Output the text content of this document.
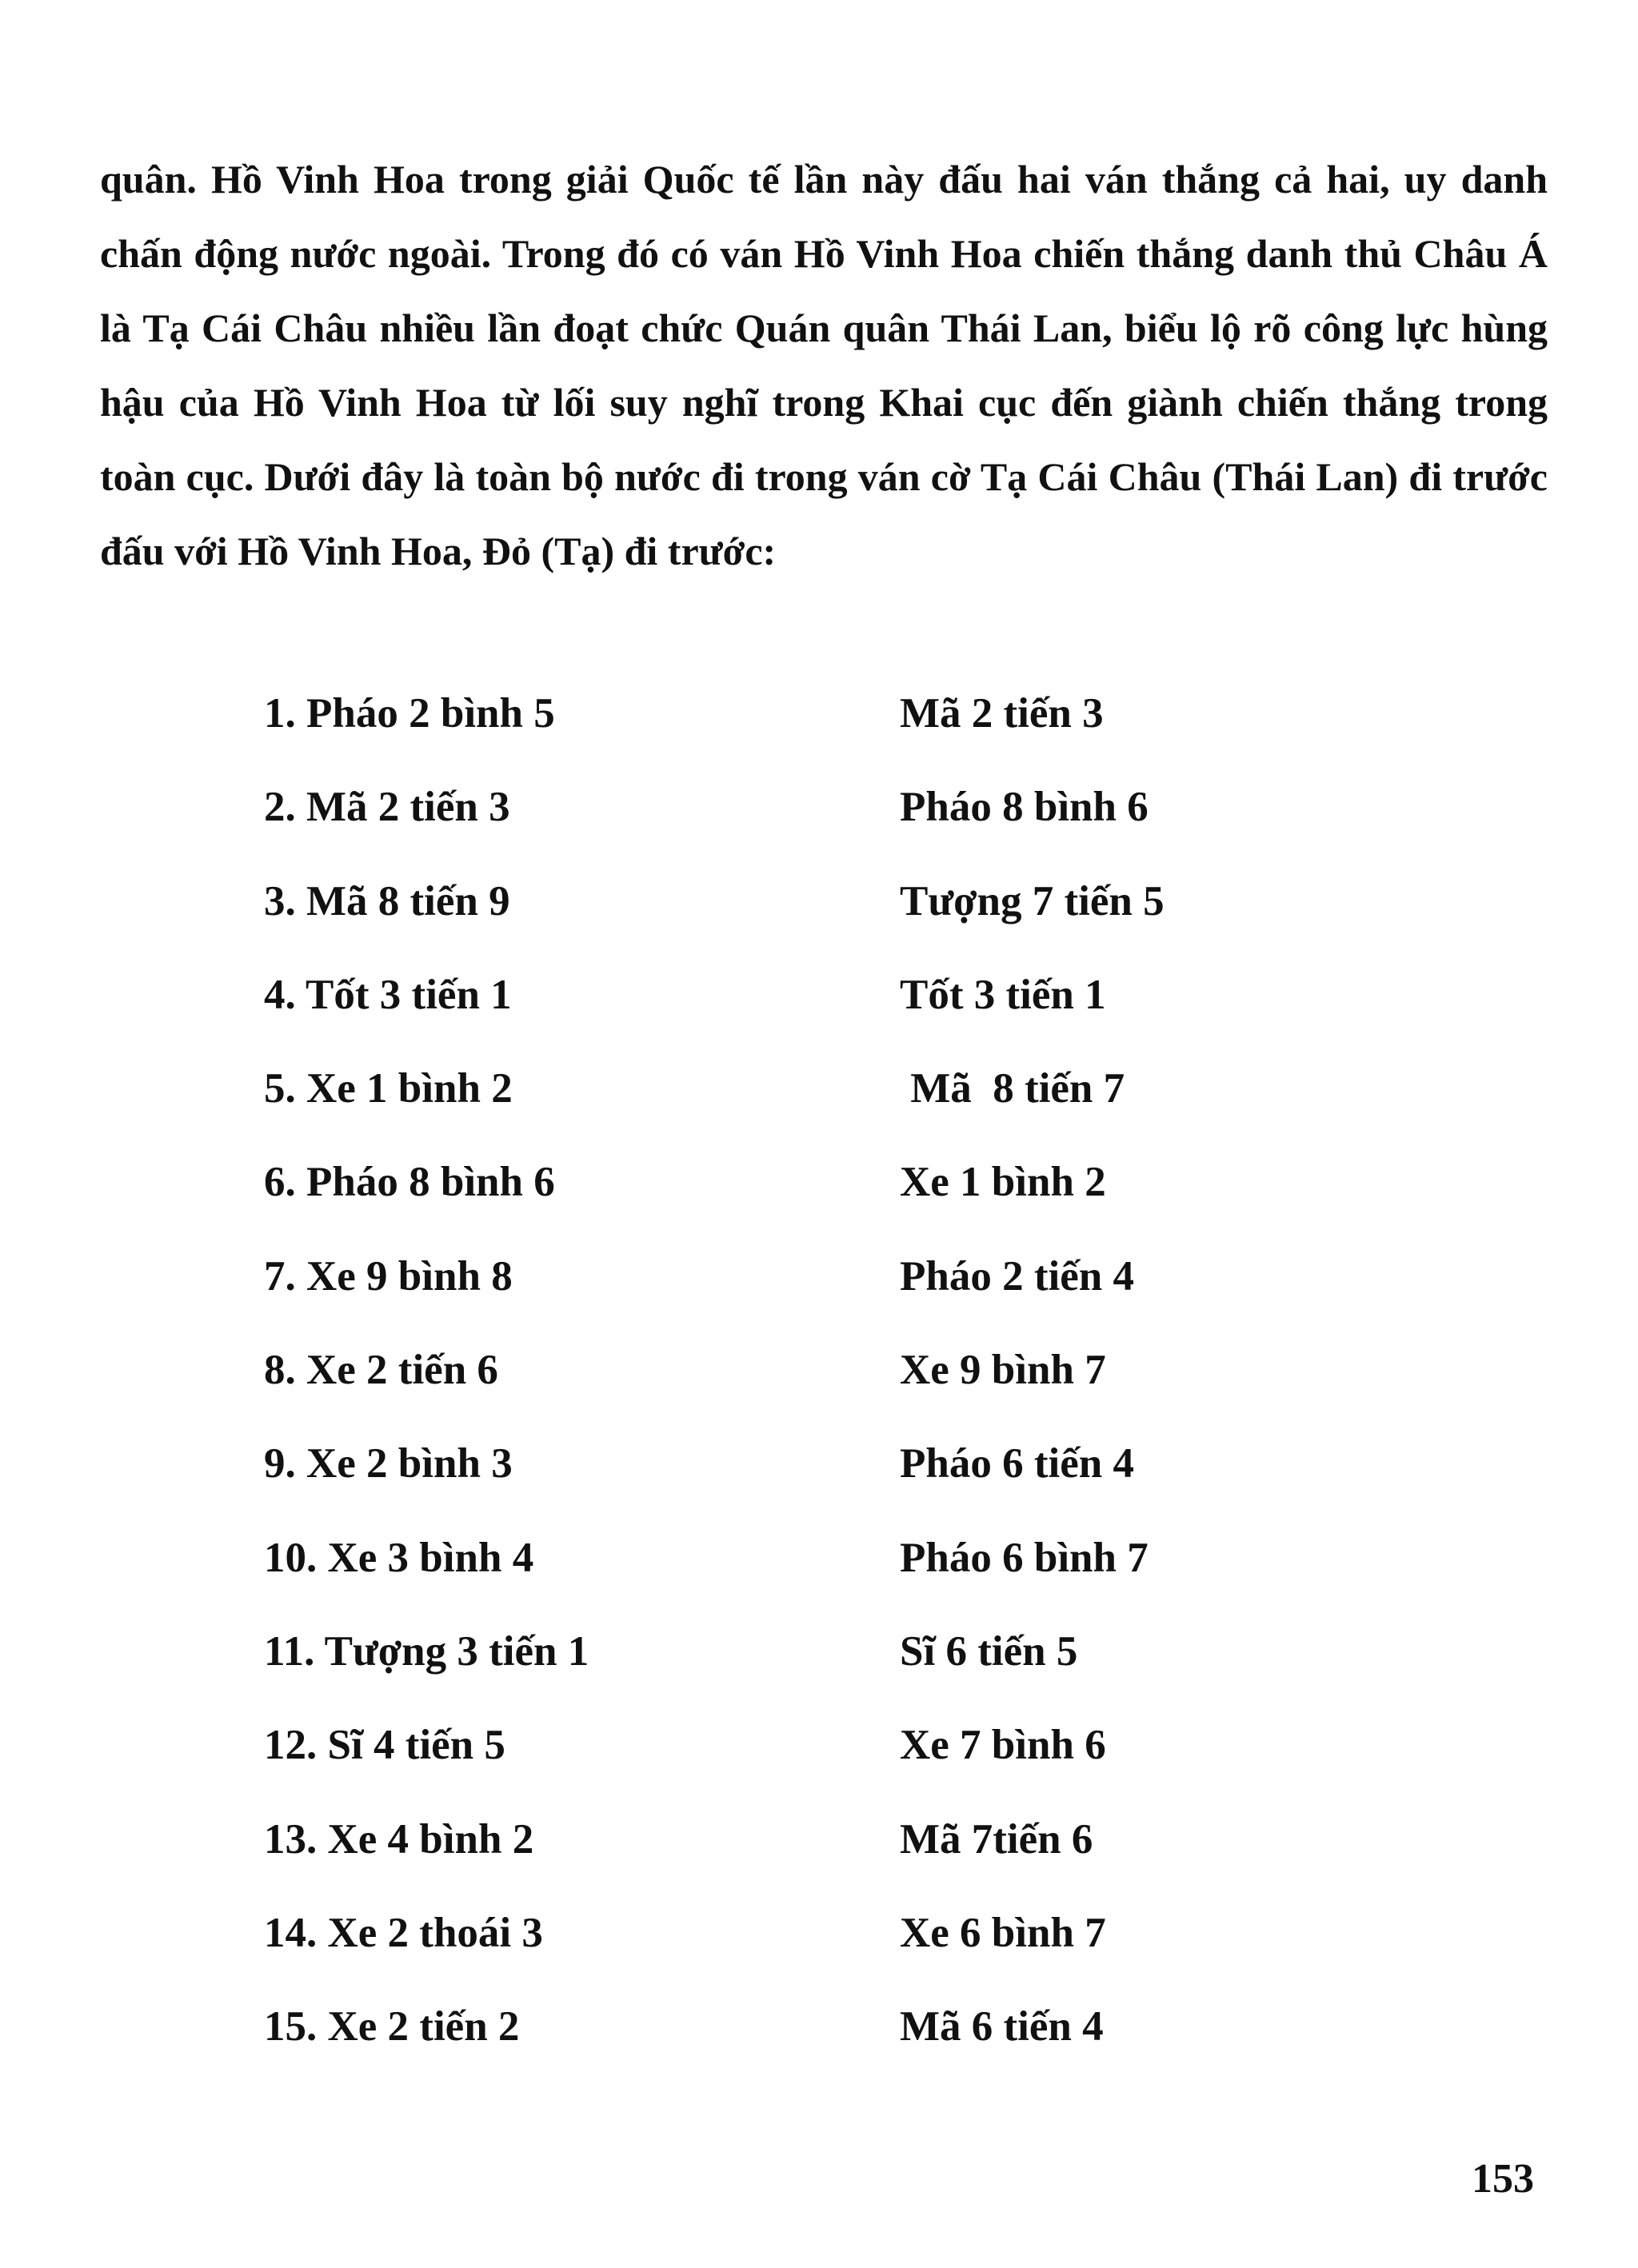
quân. Hồ Vinh Hoa trong giải Quốc tế lần này đấu hai ván thắng cả hai, uy danh chấn động nước ngoài. Trong đó có ván Hồ Vinh Hoa chiến thắng danh thủ Châu Á là Tạ Cái Châu nhiều lần đoạt chức Quán quân Thái Lan, biểu lộ rõ công lực hùng hậu của Hồ Vinh Hoa từ lối suy nghĩ trong Khai cục đến giành chiến thắng trong toàn cục. Dưới đây là toàn bộ nước đi trong ván cờ Tạ Cái Châu (Thái Lan) đi trước đấu với Hồ Vinh Hoa, Đỏ (Tạ) đi trước:

1. Pháo 2 bình 5	Mã 2 tiến 3
2. Mã 2 tiến 3	Pháo 8 bình 6
3. Mã 8 tiến 9	Tượng 7 tiến 5
4. Tốt 3 tiến 1	Tốt 3 tiến 1
5. Xe 1 bình 2	Mã  8 tiến 7
6. Pháo 8 bình 6	Xe 1 bình 2
7. Xe 9 bình 8	Pháo 2 tiến 4
8. Xe 2 tiến 6	Xe 9 bình 7
9. Xe 2 bình 3	Pháo 6 tiến 4
10. Xe 3 bình 4	Pháo 6 bình 7
11. Tượng 3 tiến 1	Sĩ 6 tiến 5
12. Sĩ 4 tiến 5	Xe 7 bình 6
13. Xe 4 bình 2	Mã 7tiến 6
14. Xe 2 thoái 3	Xe 6 bình 7
15. Xe 2 tiến 2	Mã 6 tiến 4
153
